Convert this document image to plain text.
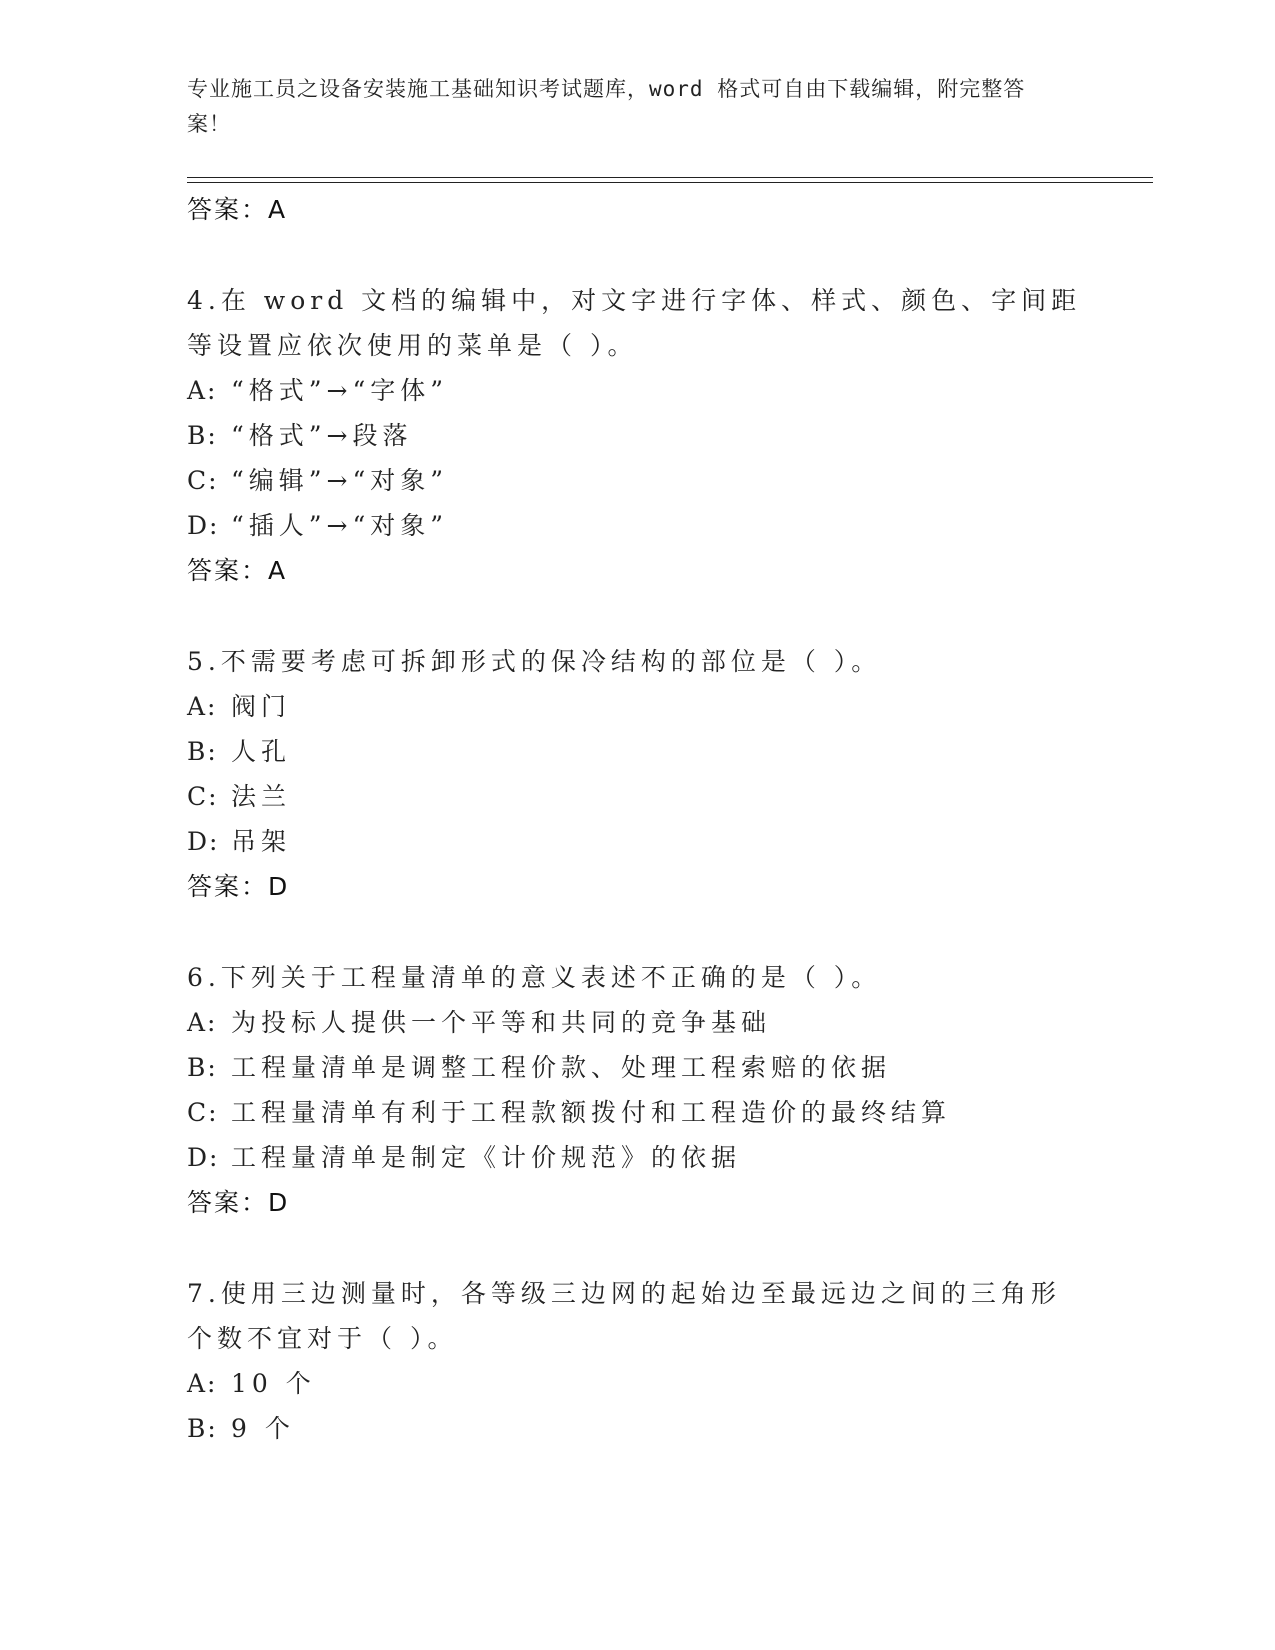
专业施工员之设备安装施工基础知识考试题库，word 格式可自由下载编辑，附完整答案！
答案：A
4.在 word 文档的编辑中，对文字进行字体、样式、颜色、字间距等设置应依次使用的菜单是（ ）。
A: “格式”→“字体”
B: “格式”→段落
C: “编辑”→“对象”
D: “插人”→“对象”
答案：A
5.不需要考虑可拆卸形式的保冷结构的部位是（ ）。
A: 阀门
B: 人孔
C: 法兰
D: 吊架
答案：D
6.下列关于工程量清单的意义表述不正确的是（ ）。
A: 为投标人提供一个平等和共同的竞争基础
B: 工程量清单是调整工程价款、处理工程索赔的依据
C: 工程量清单有利于工程款额拨付和工程造价的最终结算
D: 工程量清单是制定《计价规范》的依据
答案：D
7.使用三边测量时，各等级三边网的起始边至最远边之间的三角形个数不宜对于（ ）。
A: 10 个
B: 9 个
